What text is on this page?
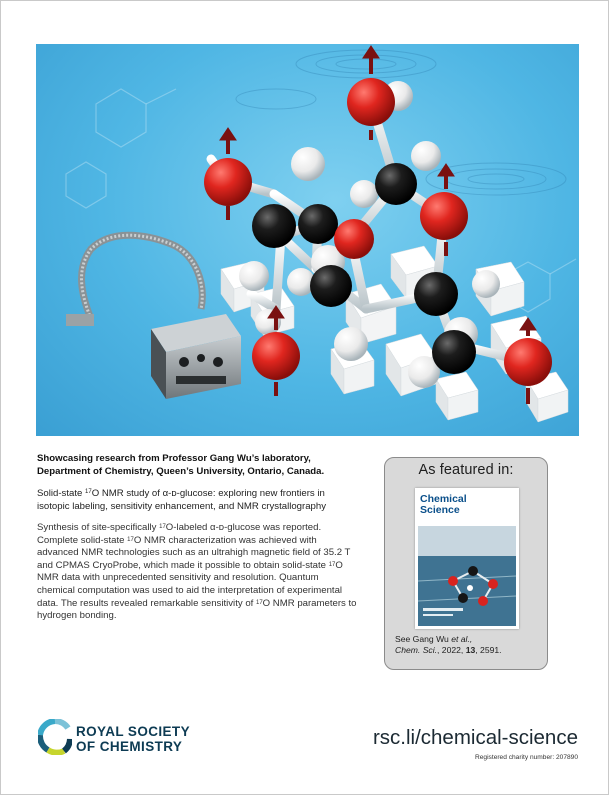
Showcasing research from Professor Gang Wu’s laboratory, Department of Chemistry, Queen’s University, Ontario, Canada.

Solid-state $^{17}$O NMR study of α-ᴅ-glucose: exploring new frontiers in isotopic labeling, sensitivity enhancement, and NMR crystallography

Synthesis of site-specifically $^{17}$O-labeled α-ᴅ-glucose was reported. Complete solid-state $^{17}$O NMR characterization was achieved with advanced NMR technologies such as an ultrahigh magnetic field of 35.2 T and CPMAS CryoProbe, which made it possible to obtain solid-state $^{17}$O NMR data with unprecedented sensitivity and resolution. Quantum chemical computation was used to aid the interpretation of experimental data. The results revealed remarkable sensitivity of $^{17}$O NMR parameters to hydrogen bonding.

As featured in:
Chemical
Science
See Gang Wu et al.,
Chem. Sci., 2022, 13, 2591.
ROYAL SOCIETY
OF CHEMISTRY	rsc.li/chemical-science
Registered charity number: 207890
